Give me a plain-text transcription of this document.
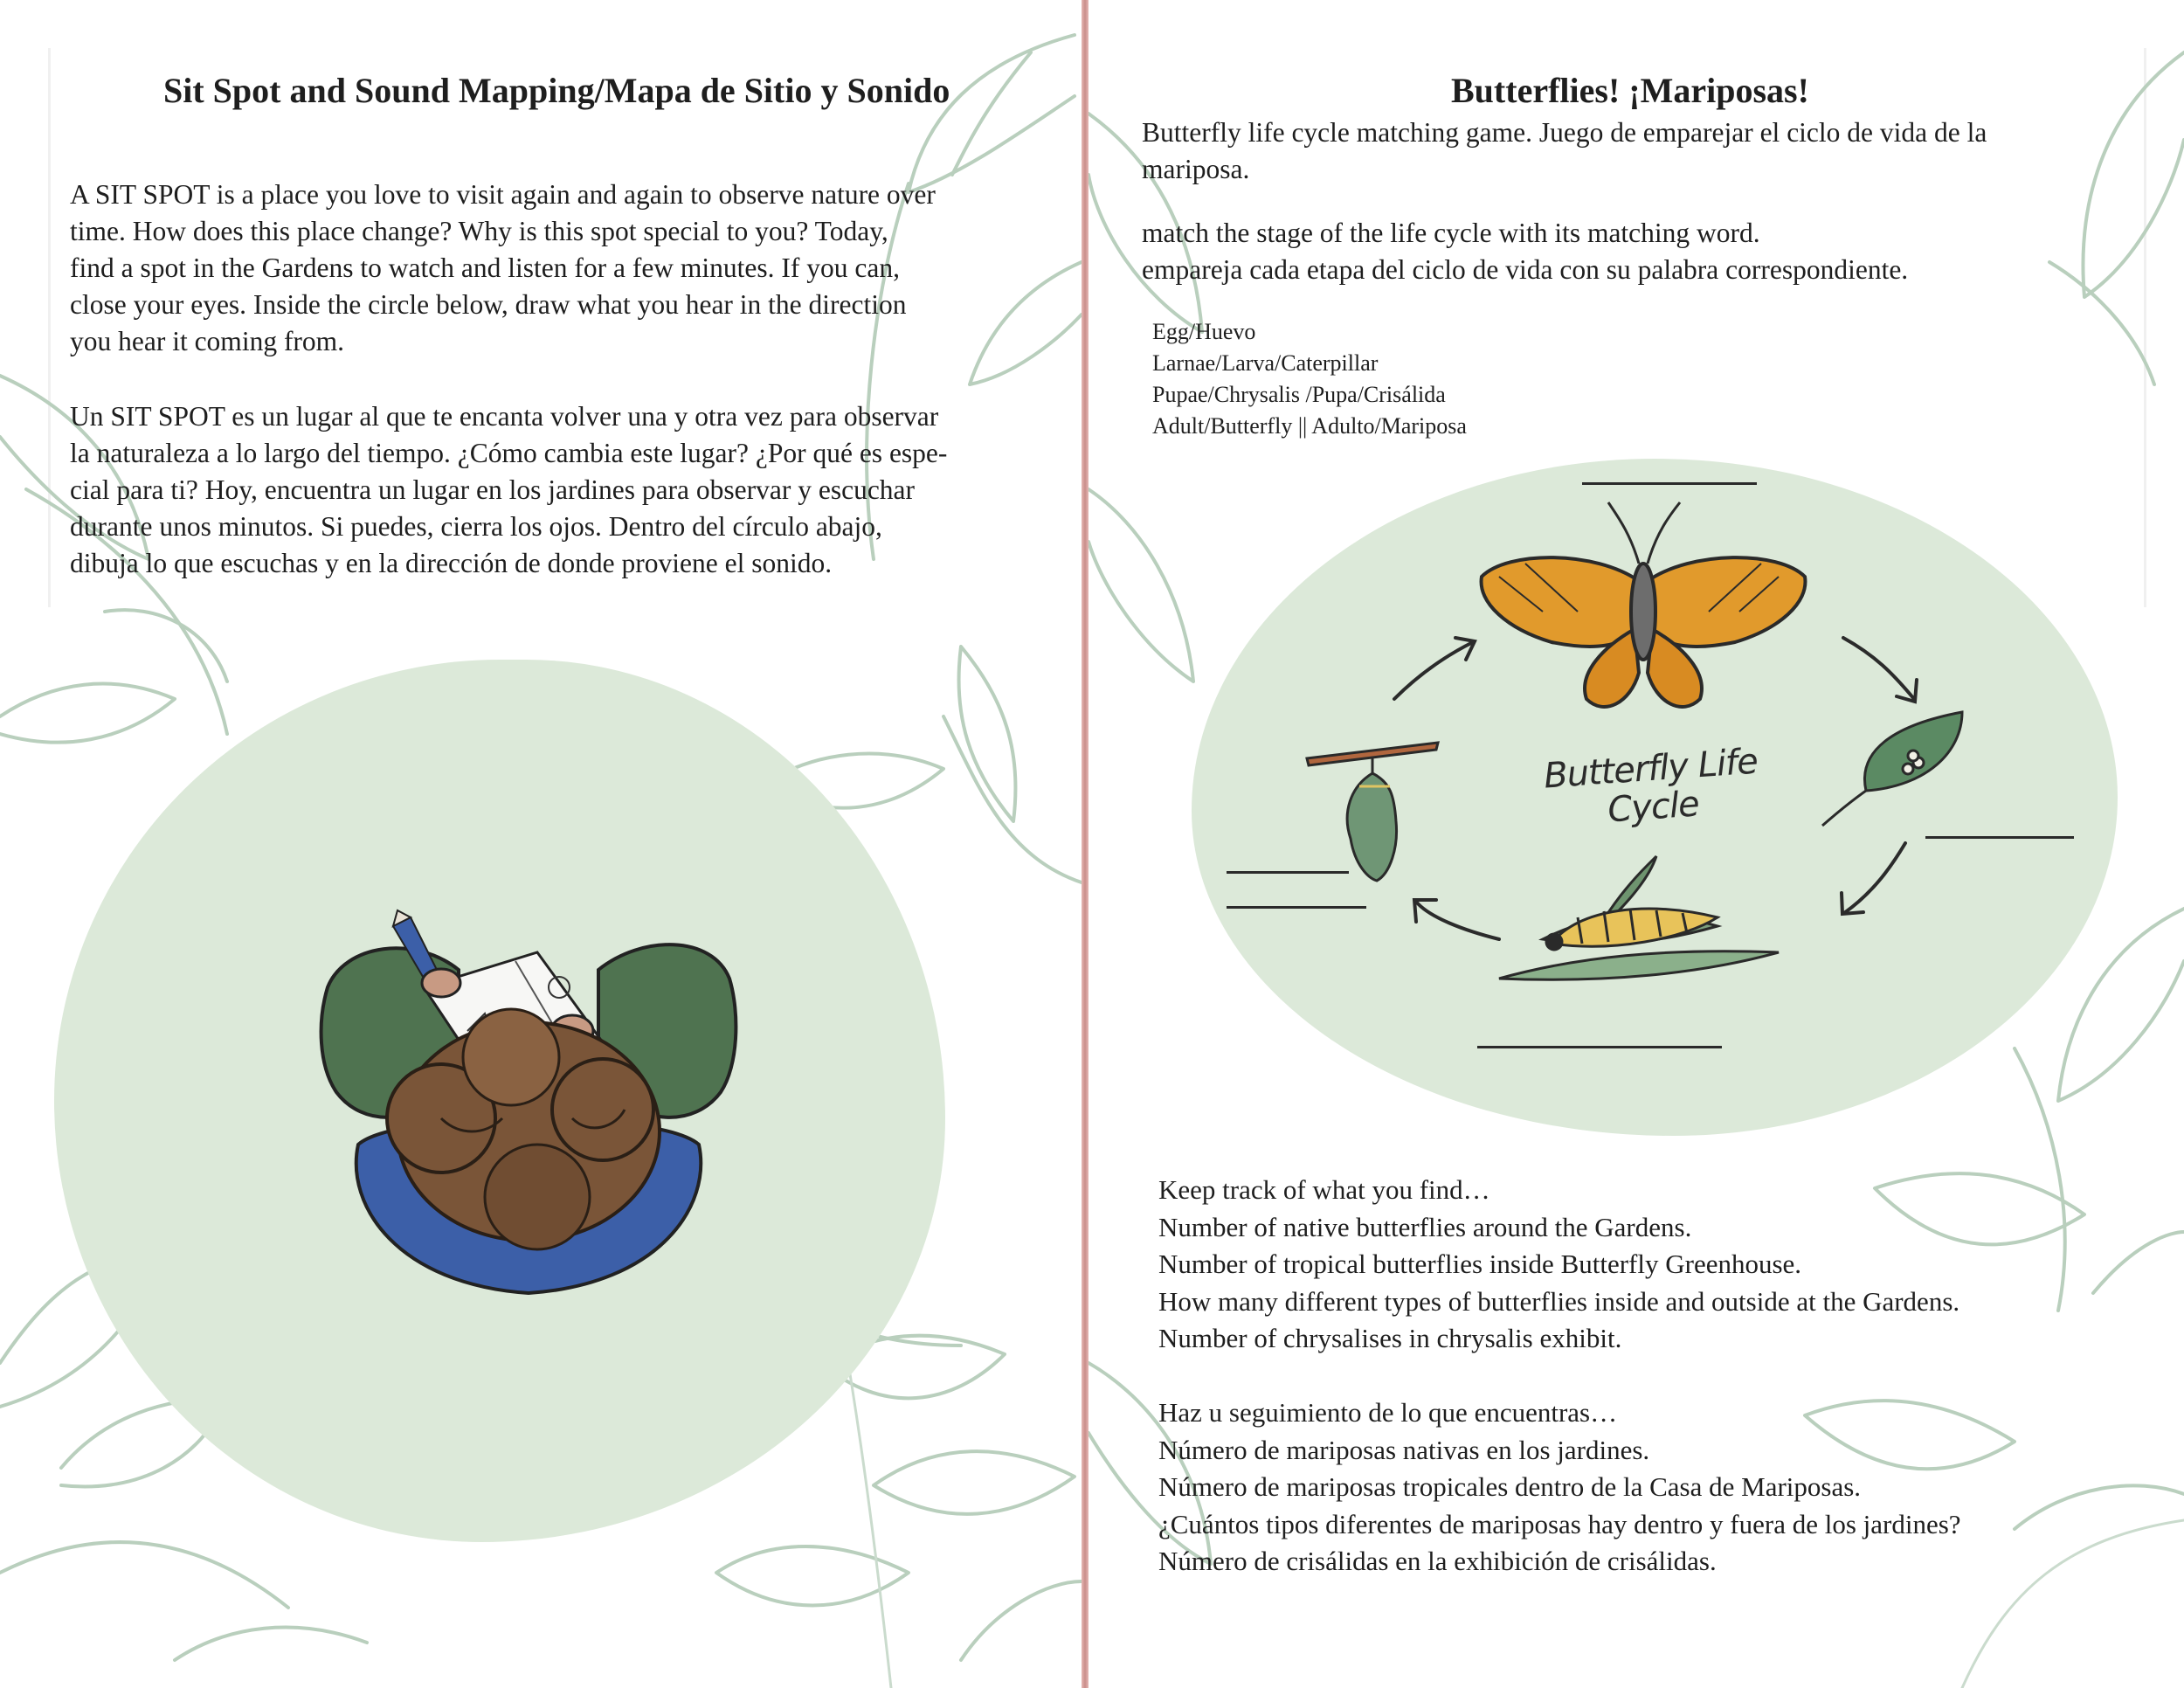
Sit Spot and Sound Mapping/Mapa de Sitio y Sonido
A SIT SPOT is a place you love to visit again and again to observe nature over
time. How does this place change? Why is this spot special to you? Today,
find a spot in the Gardens to watch and listen for a few minutes. If you can,
close your eyes. Inside the circle below, draw what you hear in the direction
you hear it coming from.
Un SIT SPOT es un lugar al que te encanta volver una y otra vez para observar
la naturaleza a lo largo del tiempo. ¿Cómo cambia este lugar? ¿Por qué es espe-
cial para ti? Hoy, encuentra un lugar en los jardines para observar y escuchar
durante unos minutos. Si puedes, cierra los ojos. Dentro del círculo abajo,
dibuja lo que escuchas y en la dirección de donde proviene el sonido.
Butterflies! ¡Mariposas!
Butterfly life cycle matching game. Juego de emparejar el ciclo de vida de la
mariposa.
match the stage of the life cycle with its matching word.
empareja cada etapa del ciclo de vida con su palabra correspondiente.
Egg/Huevo
Larnae/Larva/Caterpillar
Pupae/Chrysalis /Pupa/Crisálida
Adult/Butterfly || Adulto/Mariposa
Butterfly Life
Cycle
Keep track of what you find…
Number of native butterflies around the Gardens.
Number of tropical butterflies inside Butterfly Greenhouse.
How many different types of butterflies inside and outside at the Gardens.
Number of chrysalises in chrysalis exhibit.
Haz u seguimiento de lo que encuentras…
Número de mariposas nativas en los jardines.
Número de mariposas tropicales dentro de la Casa de Mariposas.
¿Cuántos tipos diferentes de mariposas hay dentro y fuera de los jardines?
Número de crisálidas en la exhibición de crisálidas.
